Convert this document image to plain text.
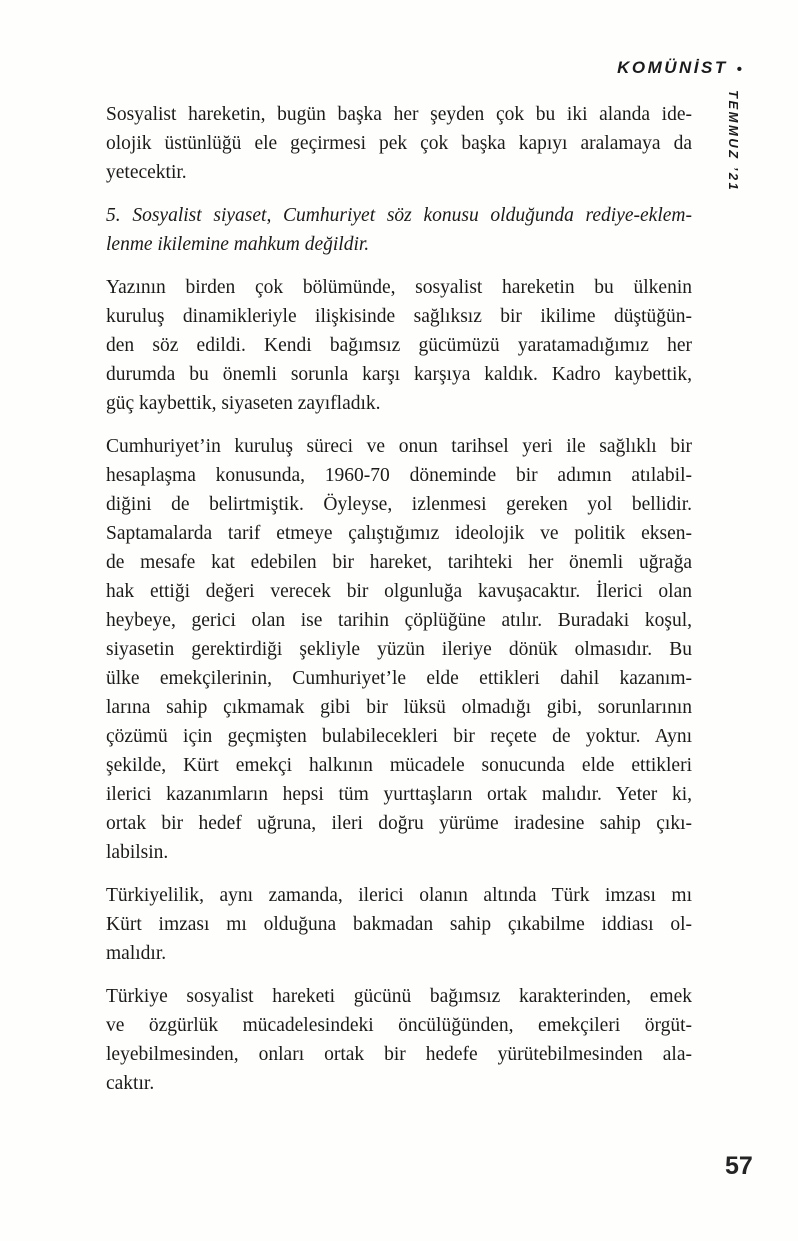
KOMÜNİST •
TEMMUZ ’21

Sosyalist hareketin, bugün başka her şeyden çok bu iki alanda ide-
olojik üstünlüğü ele geçirmesi pek çok başka kapıyı aralamaya da
yetecektir.

5. Sosyalist siyaset, Cumhuriyet söz konusu olduğunda rediye-eklem-
lenme ikilemine mahkum değildir.

Yazının birden çok bölümünde, sosyalist hareketin bu ülkenin
kuruluş dinamikleriyle ilişkisinde sağlıksız bir ikilime düştüğün-
den söz edildi. Kendi bağımsız gücümüzü yaratamadığımız her
durumda bu önemli sorunla karşı karşıya kaldık. Kadro kaybettik,
güç kaybettik, siyaseten zayıfladık.

Cumhuriyet’in kuruluş süreci ve onun tarihsel yeri ile sağlıklı bir
hesaplaşma konusunda, 1960-70 döneminde bir adımın atılabil-
diğini de belirtmiştik. Öyleyse, izlenmesi gereken yol bellidir.
Saptamalarda tarif etmeye çalıştığımız ideolojik ve politik eksen-
de mesafe kat edebilen bir hareket, tarihteki her önemli uğrağa
hak ettiği değeri verecek bir olgunluğa kavuşacaktır. İlerici olan
heybeye, gerici olan ise tarihin çöplüğüne atılır. Buradaki koşul,
siyasetin gerektirdiği şekliyle yüzün ileriye dönük olmasıdır. Bu
ülke emekçilerinin, Cumhuriyet’le elde ettikleri dahil kazanım-
larına sahip çıkmamak gibi bir lüksü olmadığı gibi, sorunlarının
çözümü için geçmişten bulabilecekleri bir reçete de yoktur. Aynı
şekilde, Kürt emekçi halkının mücadele sonucunda elde ettikleri
ilerici kazanımların hepsi tüm yurttaşların ortak malıdır. Yeter ki,
ortak bir hedef uğruna, ileri doğru yürüme iradesine sahip çıkı-
labilsin.

Türkiyelilik, aynı zamanda, ilerici olanın altında Türk imzası mı
Kürt imzası mı olduğuna bakmadan sahip çıkabilme iddiası ol-
malıdır.

Türkiye sosyalist hareketi gücünü bağımsız karakterinden, emek
ve özgürlük mücadelesindeki öncülüğünden, emekçileri örgüt-
leyebilmesinden, onları ortak bir hedefe yürütebilmesinden ala-
caktır.

57
